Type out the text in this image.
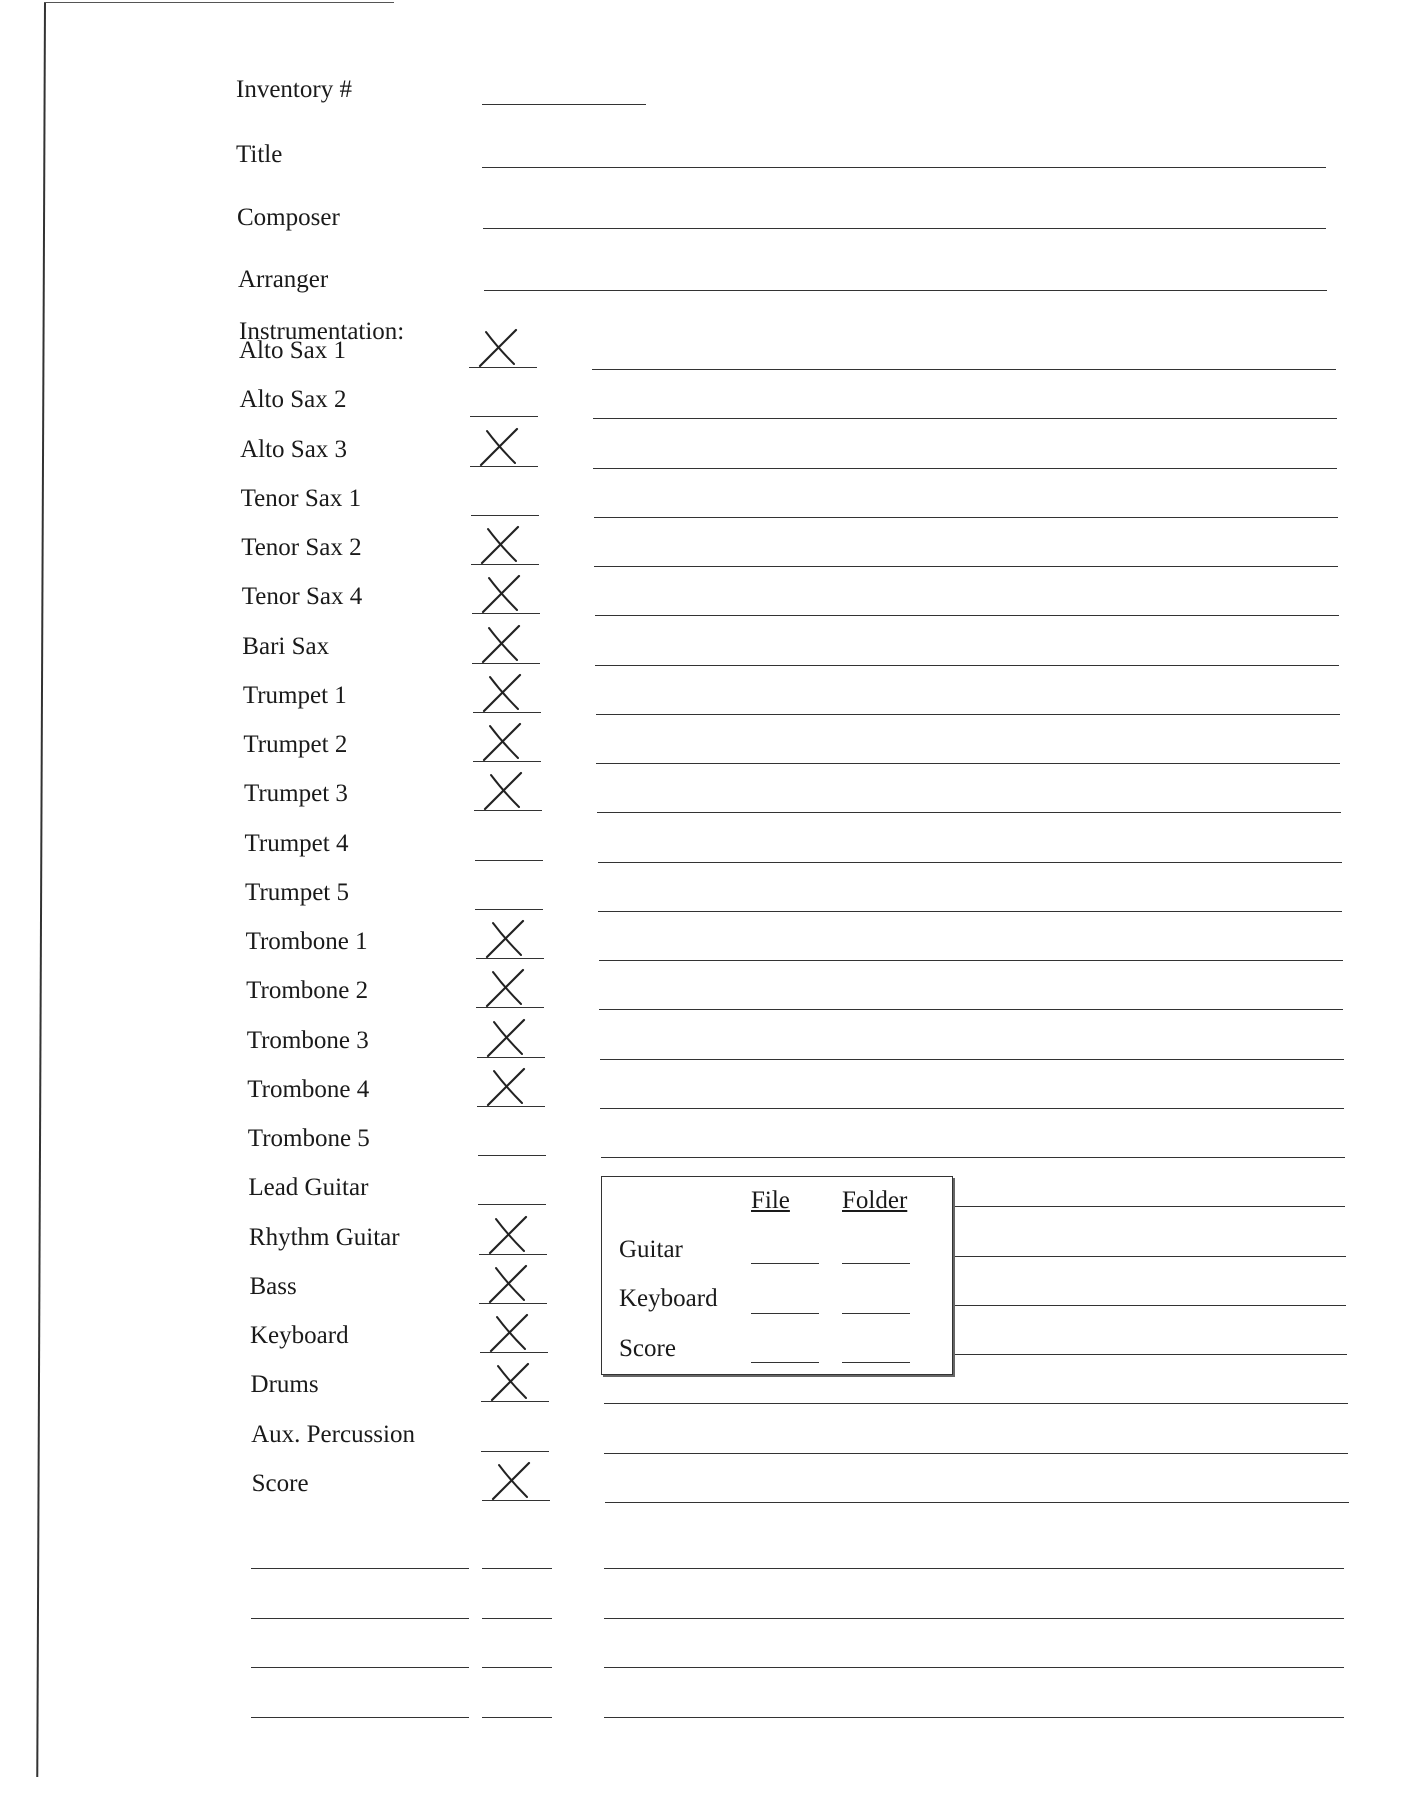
Inventory #
Title
Composer
Arranger
Instrumentation:
Alto Sax 1
Alto Sax 2
Alto Sax 3
Tenor Sax 1
Tenor Sax 2
Tenor Sax 4
Bari Sax
Trumpet 1
Trumpet 2
Trumpet 3
Trumpet 4
Trumpet 5
Trombone 1
Trombone 2
Trombone 3
Trombone 4
Trombone 5
Lead Guitar
Rhythm Guitar
Bass
Keyboard
Drums
Aux. Percussion
Score
File Folder
Guitar
Keyboard
Score
